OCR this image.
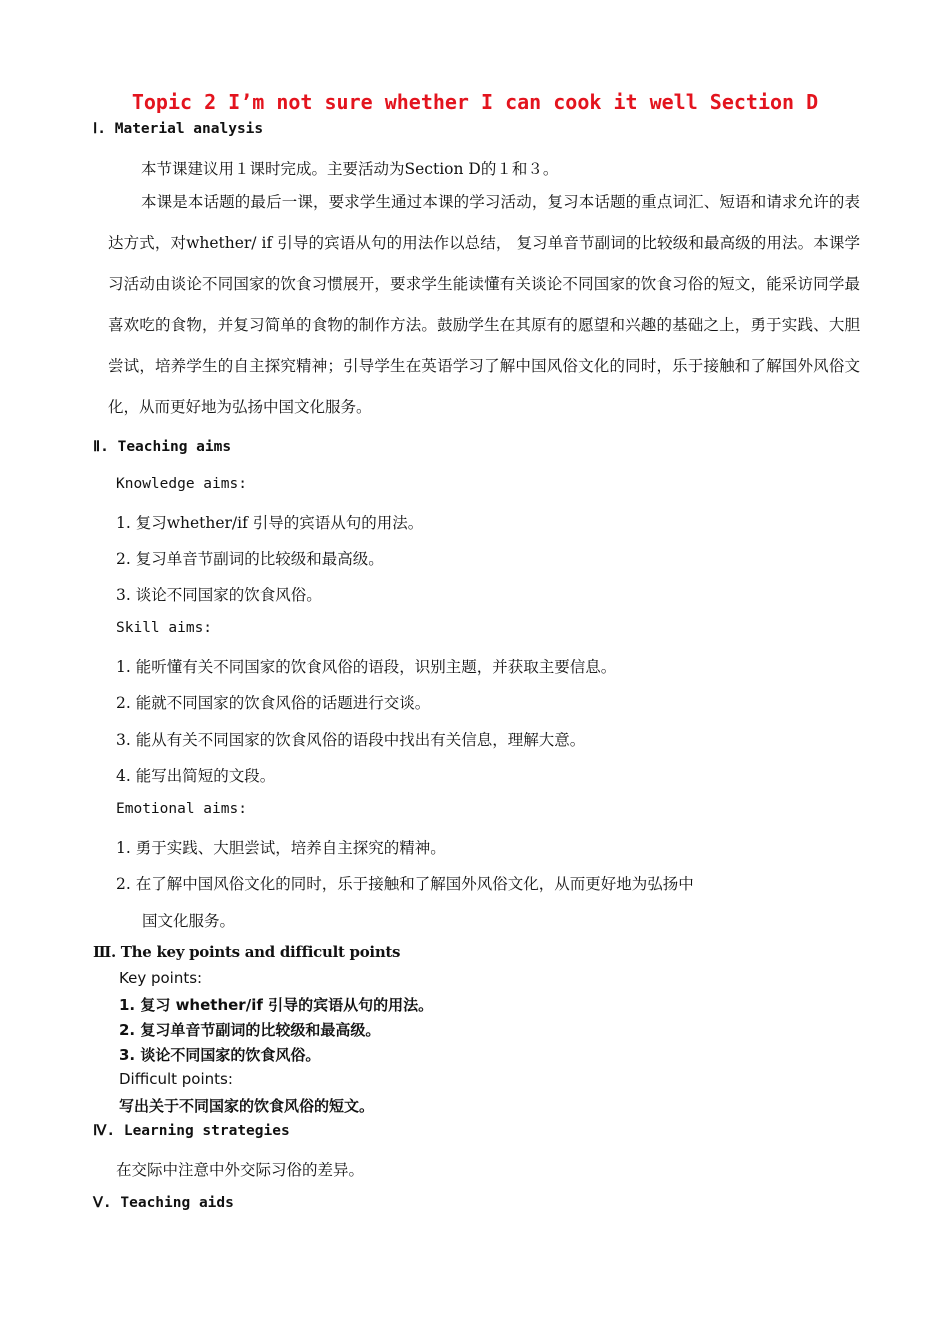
Topic 2 I’m not sure whether I can cook it well Section D
Ⅰ. Material analysis
本节课建议用１课时完成。主要活动为Section D的１和３。

本课是本话题的最后一课，要求学生通过本课的学习活动，复习本话题的重点词汇、短语和请求允许的表达方式，对whether/ if 引导的宾语从句的用法作以总结， 复习单音节副词的比较级和最高级的用法。本课学习活动由谈论不同国家的饮食习惯展开，要求学生能读懂有关谈论不同国家的饮食习俗的短文，能采访同学最喜欢吃的食物，并复习简单的食物的制作方法。鼓励学生在其原有的愿望和兴趣的基础之上，勇于实践、大胆尝试，培养学生的自主探究精神；引导学生在英语学习了解中国风俗文化的同时，乐于接触和了解国外风俗文化，从而更好地为弘扬中国文化服务。

Ⅱ. Teaching aims
Knowledge aims:
1. 复习whether/if 引导的宾语从句的用法。
2. 复习单音节副词的比较级和最高级。
3. 谈论不同国家的饮食风俗。
Skill aims:
1. 能听懂有关不同国家的饮食风俗的语段，识别主题，并获取主要信息。
2. 能就不同国家的饮食风俗的话题进行交谈。
3. 能从有关不同国家的饮食风俗的语段中找出有关信息，理解大意。
4. 能写出简短的文段。
Emotional aims:
1. 勇于实践、大胆尝试，培养自主探究的精神。
2. 在了解中国风俗文化的同时，乐于接触和了解国外风俗文化，从而更好地为弘扬中
国文化服务。
Ⅲ. The key points and difficult points
Key points:
1. 复习 whether/if 引导的宾语从句的用法。
2. 复习单音节副词的比较级和最高级。
3. 谈论不同国家的饮食风俗。
Difficult points:
写出关于不同国家的饮食风俗的短文。
Ⅳ. Learning strategies
在交际中注意中外交际习俗的差异。
Ⅴ. Teaching aids
